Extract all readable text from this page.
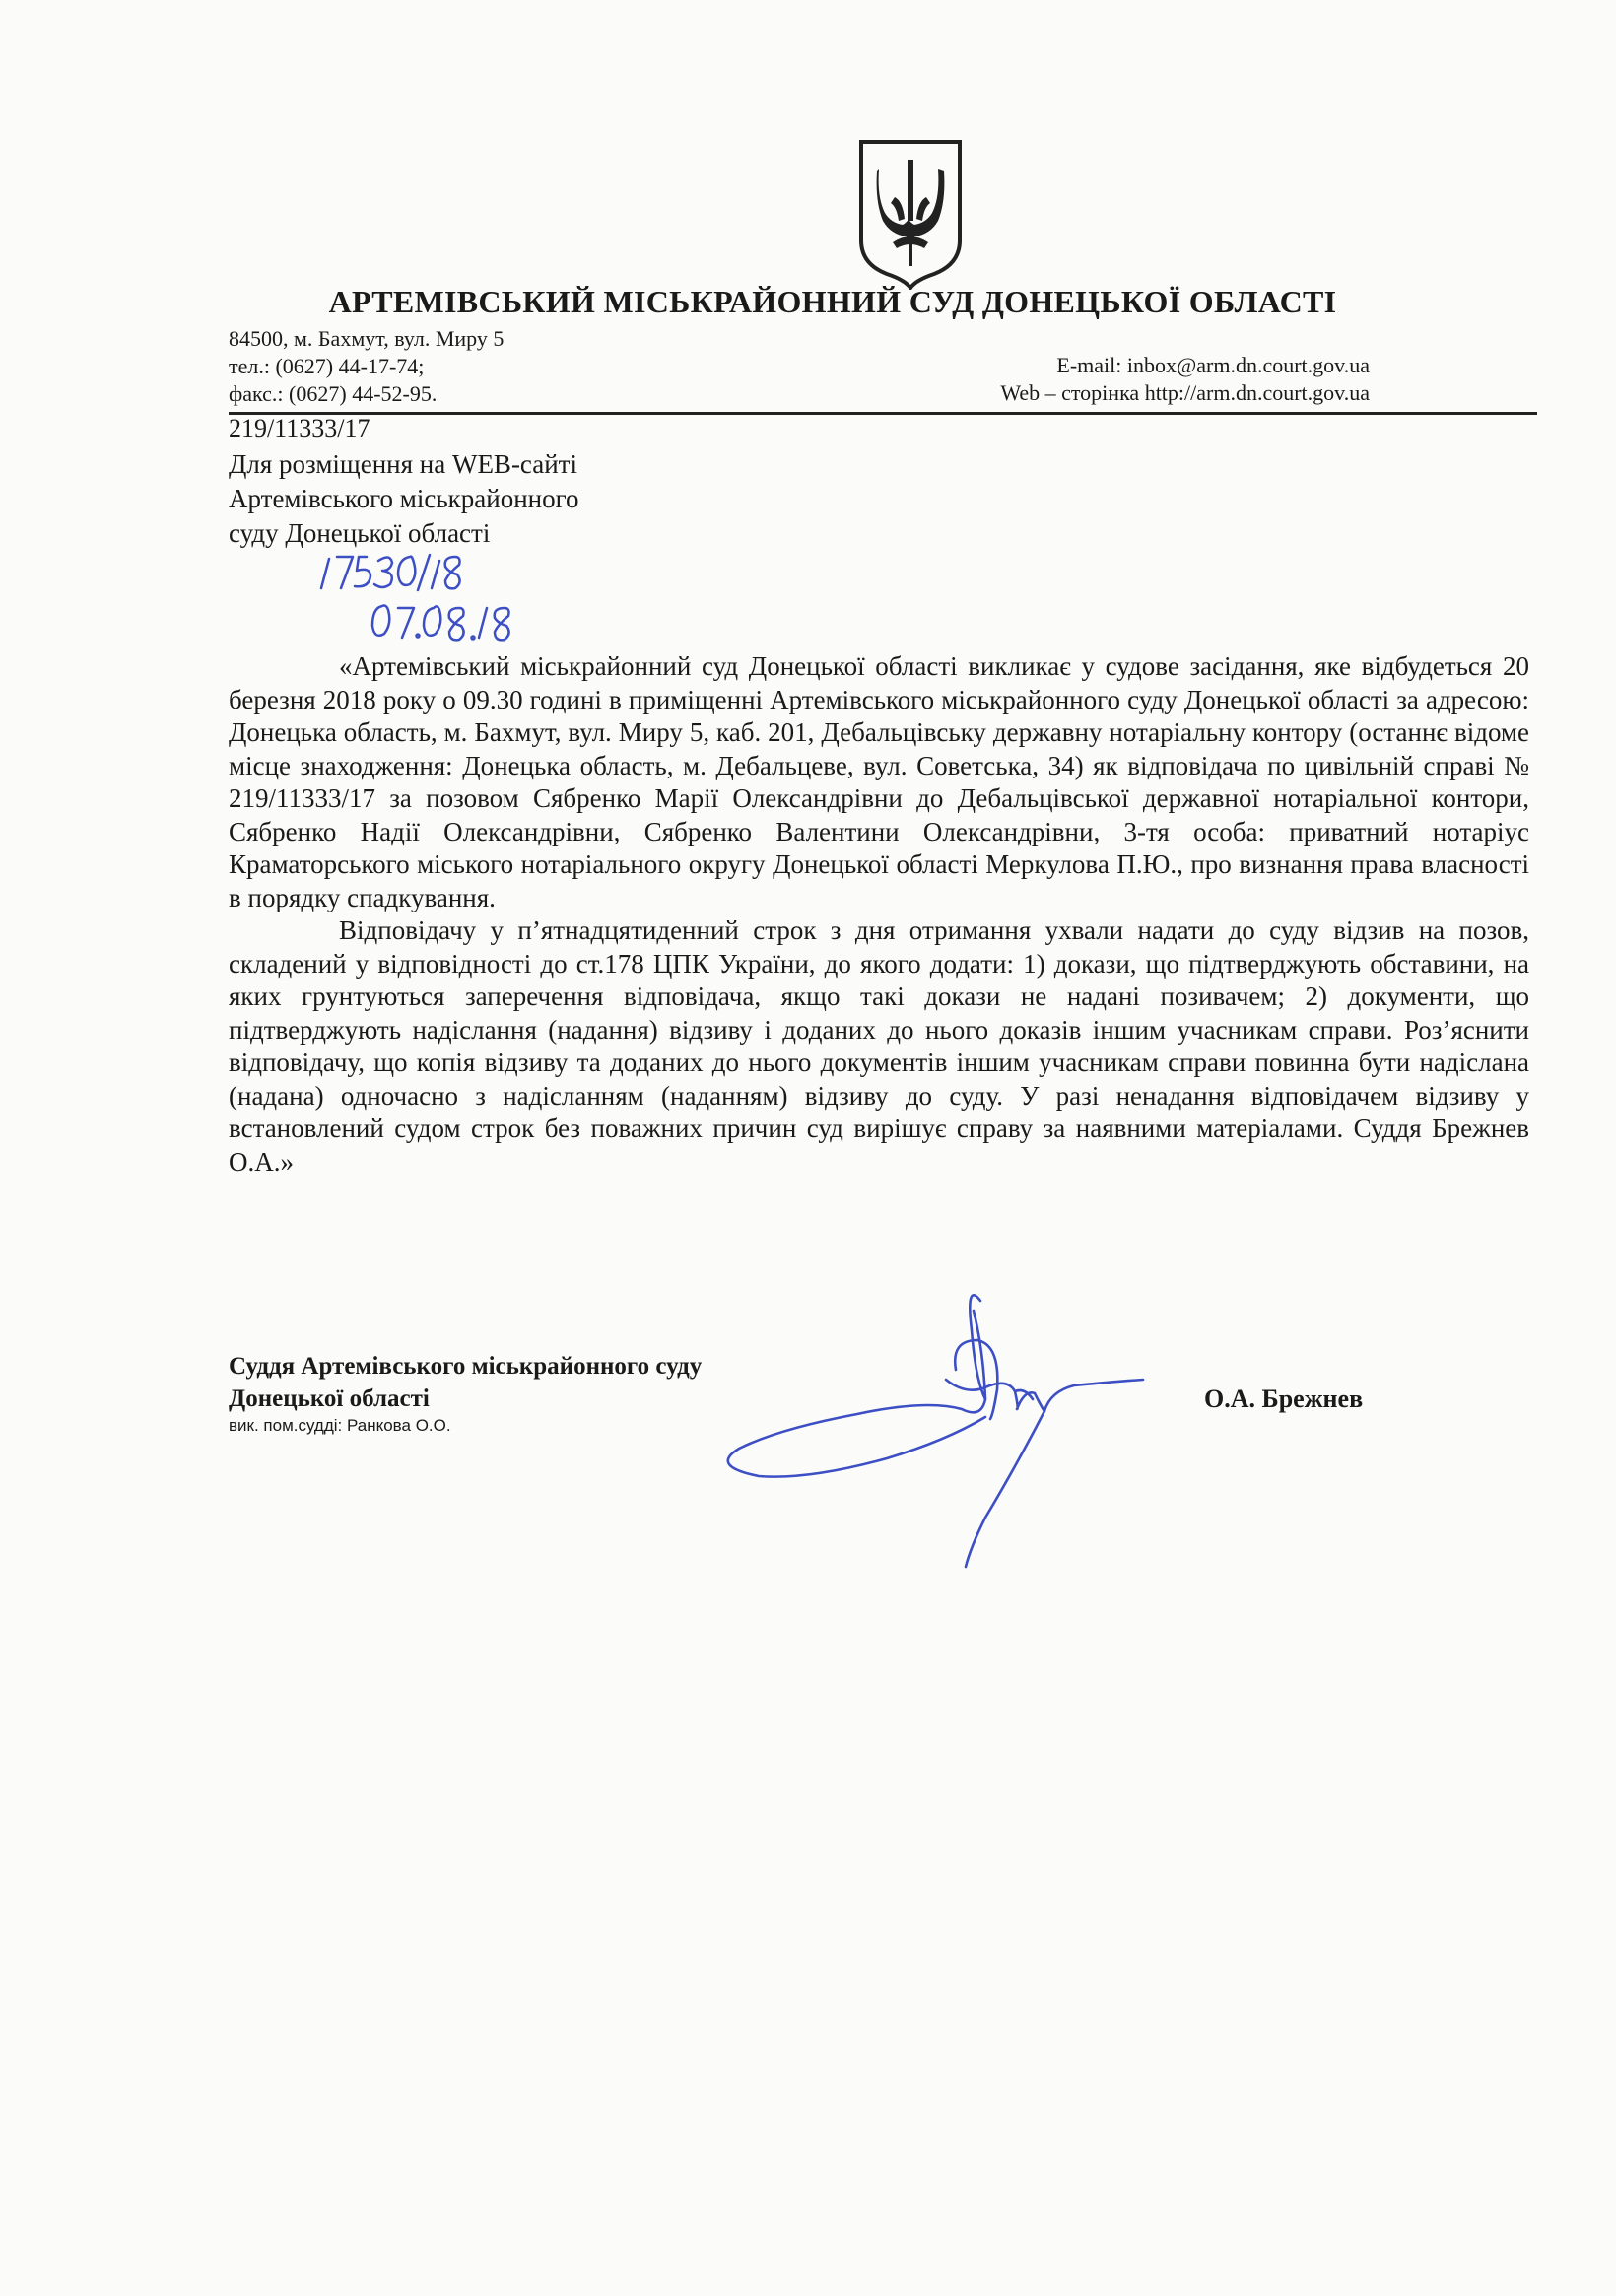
АРТЕМІВСЬКИЙ МІСЬКРАЙОННИЙ СУД ДОНЕЦЬКОЇ ОБЛАСТІ
84500, м. Бахмут, вул. Миру 5
тел.: (0627) 44-17-74;
факс.: (0627) 44-52-95.
E-mail: inbox@arm.dn.court.gov.ua
Web – сторінка http://arm.dn.court.gov.ua
219/11333/17
Для розміщення на WEB-сайті
Артемівського міськрайонного
суду Донецької області

«Артемівський міськрайонний суд Донецької області викликає у судове засідання, яке відбудеться 20 березня 2018 року о 09.30 годині в приміщенні Артемівського міськрайонного суду Донецької області за адресою: Донецька область, м. Бахмут, вул. Миру 5, каб. 201, Дебальцівську державну нотаріальну контору (останнє відоме місце знаходження: Донецька область, м. Дебальцеве, вул. Советська, 34) як відповідача по цивільній справі № 219/11333/17 за позовом Сябренко Марії Олександрівни до Дебальцівської державної нотаріальної контори, Сябренко Надії Олександрівни, Сябренко Валентини Олександрівни, 3-тя особа: приватний нотаріус Краматорського міського нотаріального округу Донецької області Меркулова П.Ю., про визнання права власності в порядку спадкування.

Відповідачу у п’ятнадцятиденний строк з дня отримання ухвали надати до суду відзив на позов, складений у відповідності до ст.178 ЦПК України, до якого додати: 1) докази, що підтверджують обставини, на яких грунтуються заперечення відповідача, якщо такі докази не надані позивачем; 2) документи, що підтверджують надіслання (надання) відзиву і доданих до нього доказів іншим учасникам справи. Роз’яснити відповідачу, що копія відзиву та доданих до нього документів іншим учасникам справи повинна бути надіслана (надана) одночасно з надісланням (наданням) відзиву до суду. У разі ненадання відповідачем відзиву у встановлений судом строк без поважних причин суд вирішує справу за наявними матеріалами. Суддя Брежнев О.А.»

Суддя Артемівського міськрайонного суду
Донецької області
вик. пом.судді: Ранкова О.О.
О.А. Брежнев
